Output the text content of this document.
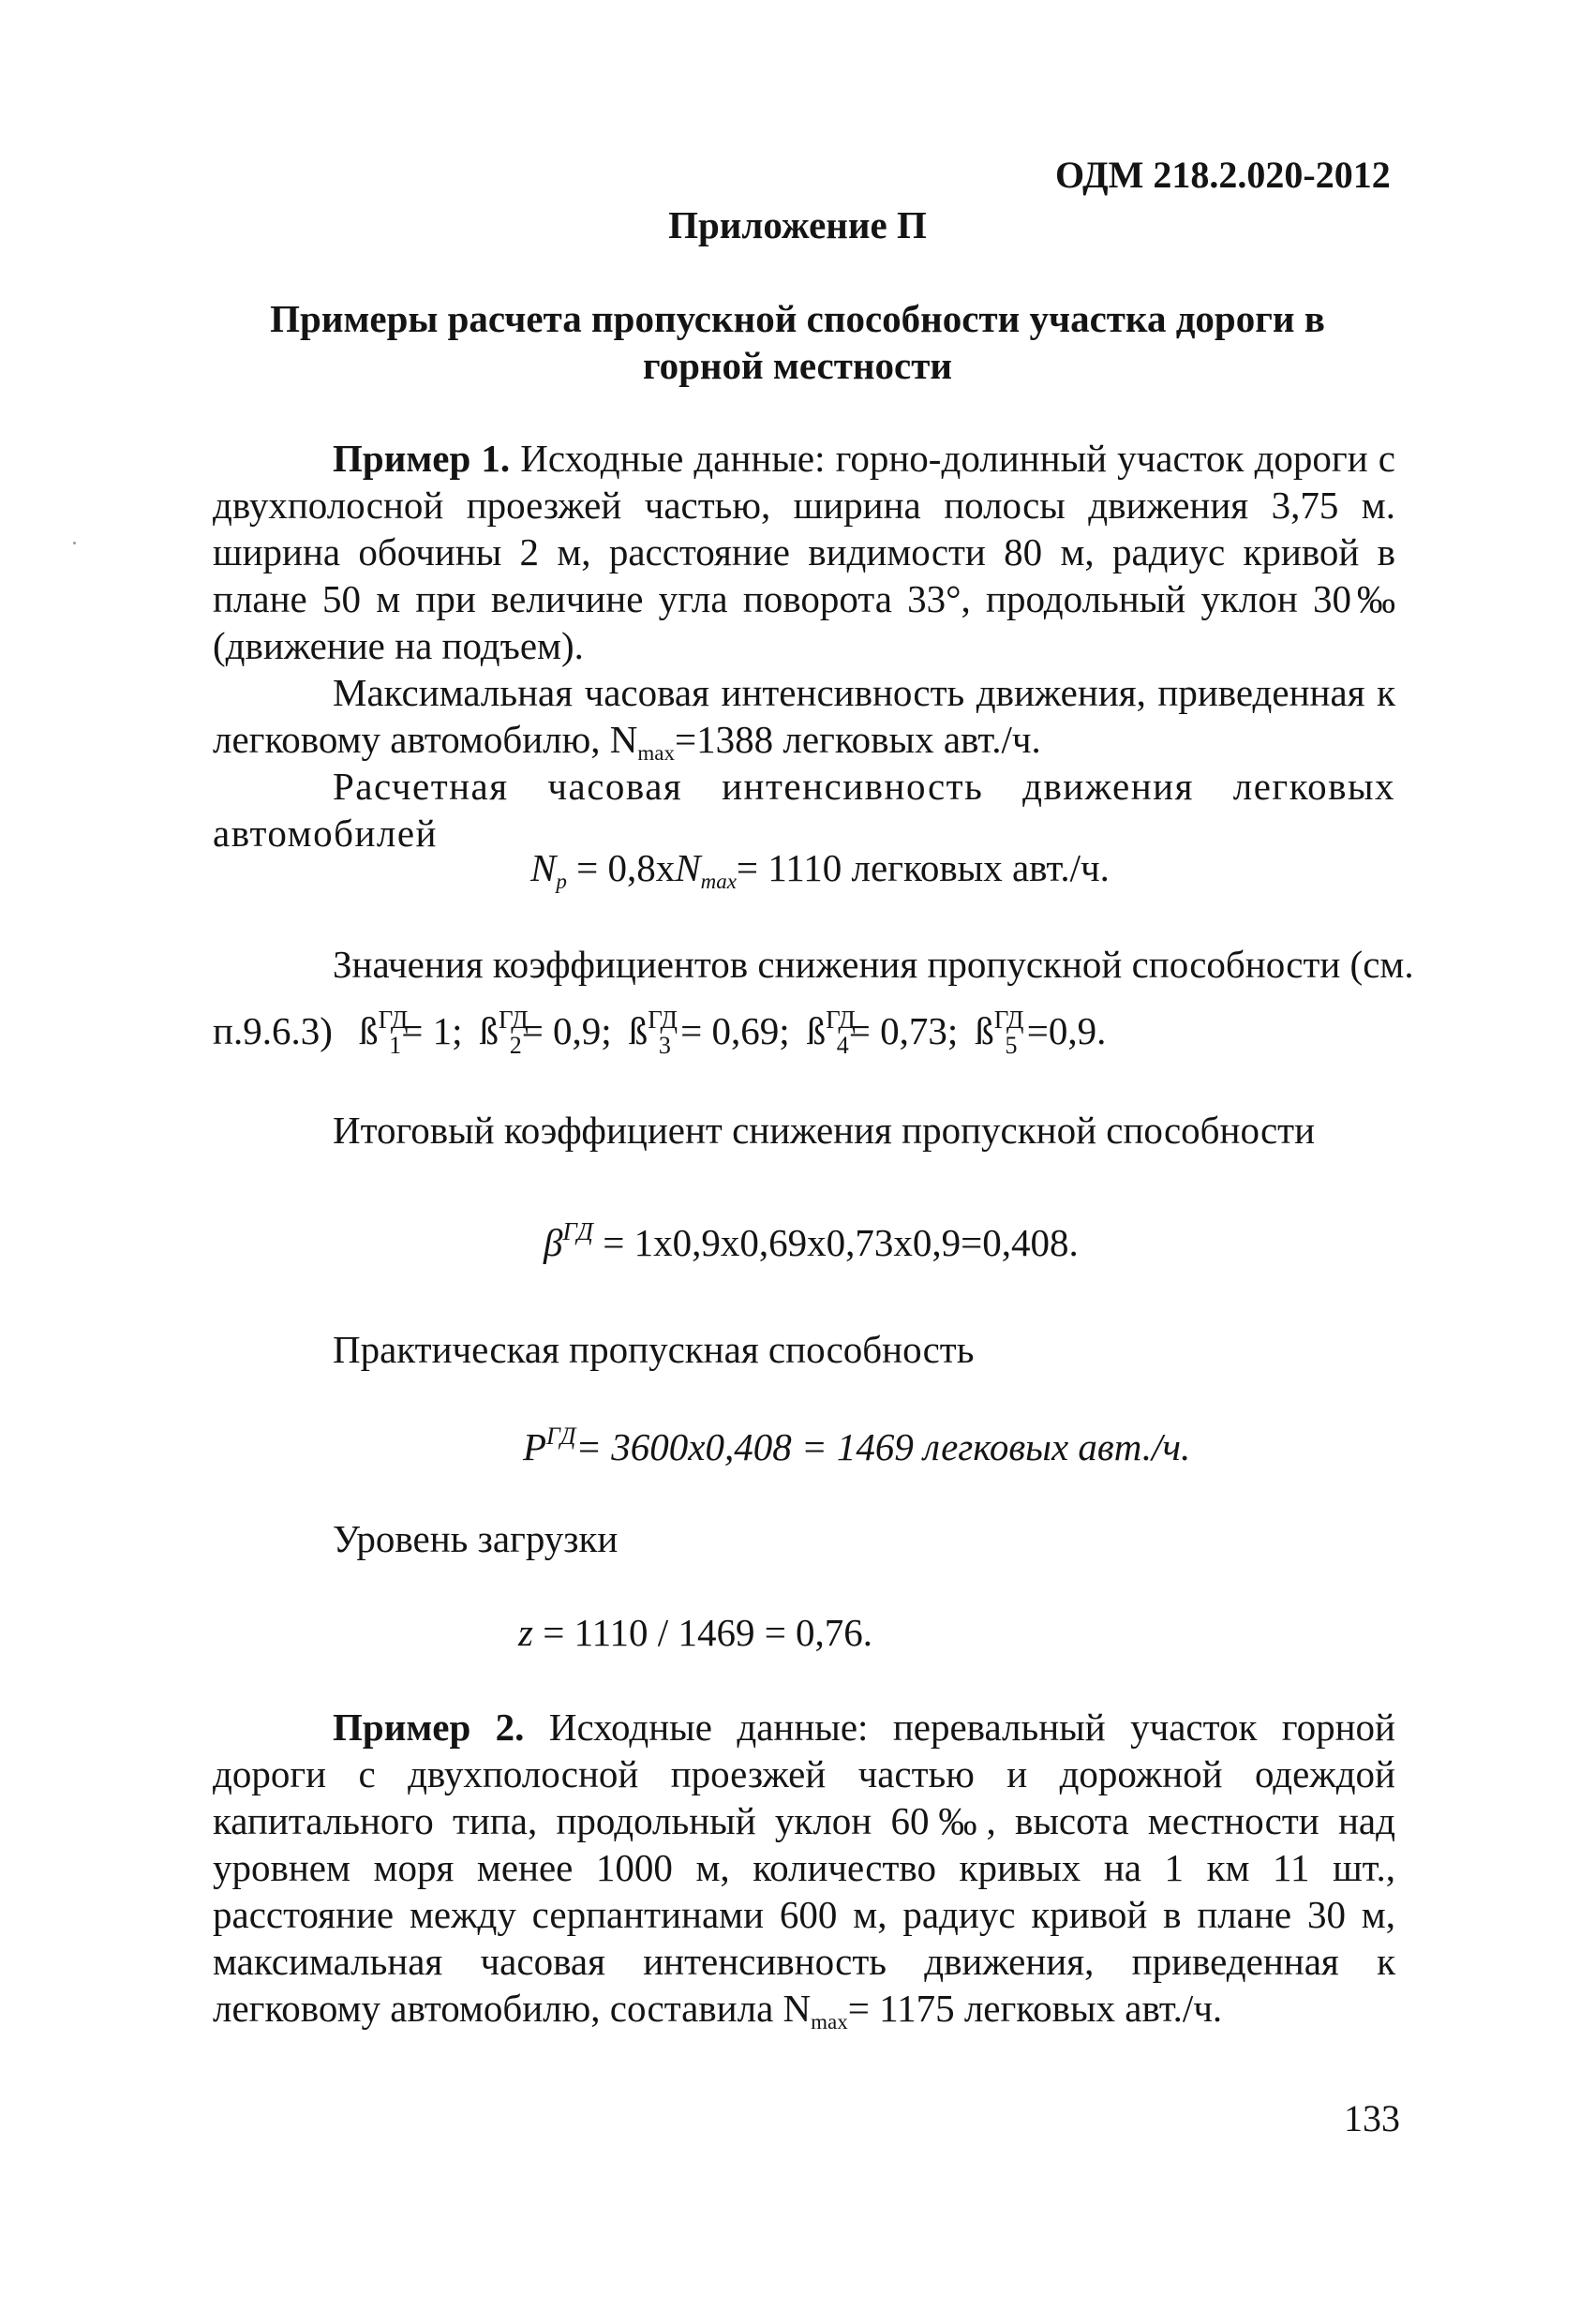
ОДМ 218.2.020-2012
Приложение П
Примеры расчета пропускной способности участка дороги в
горной местности
Пример 1. Исходные данные: горно-долинный участок дороги с двухполосной проезжей частью, ширина полосы движения 3,75 м. ширина обочины 2 м, расстояние видимости 80 м, радиус кривой в плане 50 м при величине угла поворота 33°, продольный уклон 30‰ (движение на подъем).
Максимальная часовая интенсивность движения, приведенная к легковому автомобилю, $N_{max}=1388$ легковых авт./ч.
Расчетная часовая интенсивность движения легковых автомобилей
$N_p = 0,8xN_{max}= 1110$ легковых авт./ч.
Значения коэффициентов снижения пропускной способности (см.
п.9.6.3) $ß^{ГД}_1= 1$; $ß^{ГД}_2= 0,9$; $ß^{ГД}_3 = 0,69$; $ß^{ГД}_4= 0,73$; $ß^{ГД}_5 =0,9$.
Итоговый коэффициент снижения пропускной способности
$\beta^{ГД} = 1x0,9x0,69x0,73x0,9=0,408$.
Практическая пропускная способность
$P^{ГД}= 3600x0,408 = 1469$ легковых авт./ч.
Уровень загрузки
z = 1110 / 1469 = 0,76.
Пример 2. Исходные данные: перевальный участок горной дороги с двухполосной проезжей частью и дорожной одеждой капитального типа, продольный уклон 60‰, высота местности над уровнем моря менее 1000 м, количество кривых на 1 км 11 шт., расстояние между серпантинами 600 м, радиус кривой в плане 30 м, максимальная часовая интенсивность движения, приведенная к легковому автомобилю, составила $N_{max}= 1175$ легковых авт./ч.
133
